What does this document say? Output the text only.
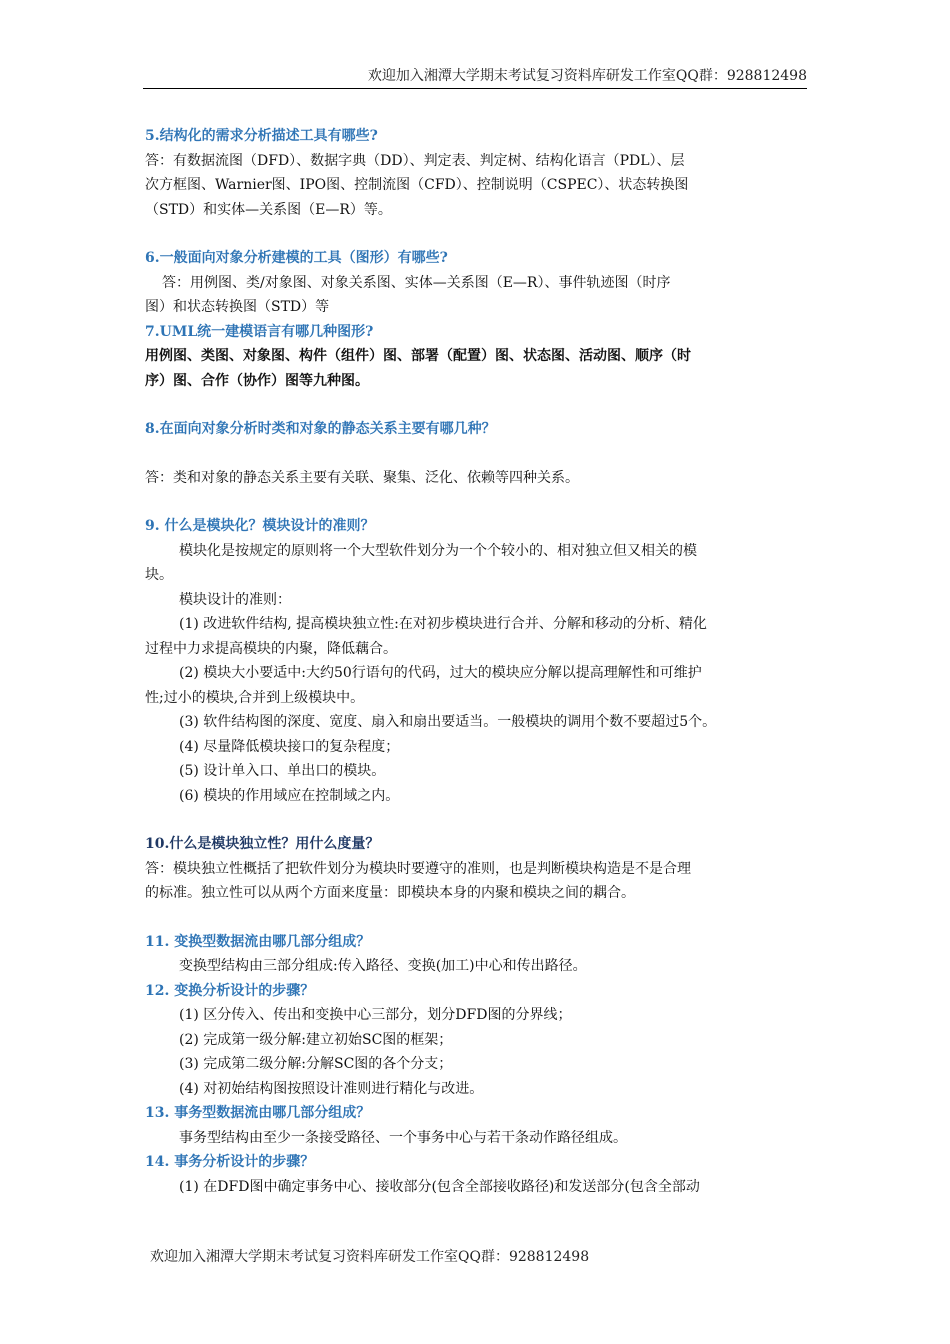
欢迎加入湘潭大学期末考试复习资料库研发工作室QQ群：928812498

5.结构化的需求分析描述工具有哪些?

答：有数据流图（DFD）、数据字典（DD）、判定表、判定树、结构化语言（PDL）、层

次方框图、Warnier图、IPO图、控制流图（CFD）、控制说明（CSPEC）、状态转换图

（STD）和实体—关系图（E—R）等。

6.一般面向对象分析建模的工具（图形）有哪些?

答：用例图、类/对象图、对象关系图、实体—关系图（E—R）、事件轨迹图（时序

图）和状态转换图（STD）等

7.UML统一建模语言有哪几种图形?

用例图、类图、对象图、构件（组件）图、部署（配置）图、状态图、活动图、顺序（时

序）图、合作（协作）图等九种图。

8.在面向对象分析时类和对象的静态关系主要有哪几种？

答：类和对象的静态关系主要有关联、聚集、泛化、依赖等四种关系。

9. 什么是模块化？模块设计的准则？

模块化是按规定的原则将一个大型软件划分为一个个较小的、相对独立但又相关的模

块。

模块设计的准则：

(1) 改进软件结构, 提高模块独立性:在对初步模块进行合并、分解和移动的分析、精化

过程中力求提高模块的内聚，降低藕合。

(2) 模块大小要适中:大约50行语句的代码，过大的模块应分解以提高理解性和可维护

性;过小的模块,合并到上级模块中。

(3) 软件结构图的深度、宽度、扇入和扇出要适当。一般模块的调用个数不要超过5个。

(4) 尽量降低模块接口的复杂程度；

(5) 设计单入口、单出口的模块。

(6) 模块的作用域应在控制域之内。

10.什么是模块独立性？用什么度量？

答：模块独立性概括了把软件划分为模块时要遵守的准则，也是判断模块构造是不是合理

的标准。独立性可以从两个方面来度量：即模块本身的内聚和模块之间的耦合。

11. 变换型数据流由哪几部分组成？

变换型结构由三部分组成:传入路径、变换(加工)中心和传出路径。

12. 变换分析设计的步骤？

(1) 区分传入、传出和变换中心三部分，划分DFD图的分界线；

(2) 完成第一级分解:建立初始SC图的框架；

(3) 完成第二级分解:分解SC图的各个分支；

(4) 对初始结构图按照设计准则进行精化与改进。

13. 事务型数据流由哪几部分组成？

事务型结构由至少一条接受路径、一个事务中心与若干条动作路径组成。

14. 事务分析设计的步骤？

(1) 在DFD图中确定事务中心、接收部分(包含全部接收路径)和发送部分(包含全部动

欢迎加入湘潭大学期末考试复习资料库研发工作室QQ群：928812498
